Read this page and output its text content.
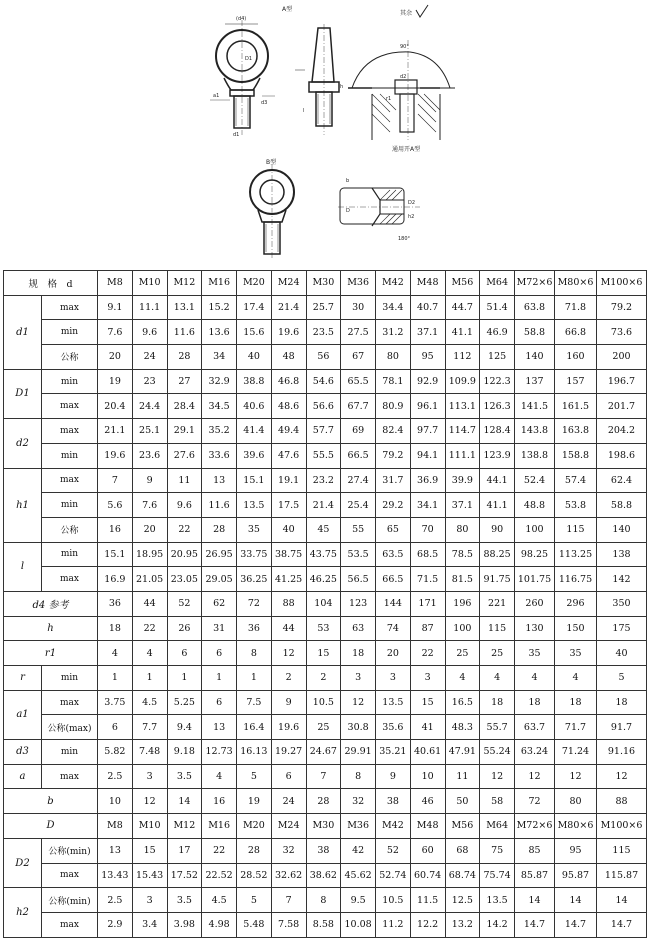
(d4)
A型
D1
d3
a1
d1
l
h
其余
90°
d2
r1
通用开A型
B型
D
b
D2
h2
180°
规　格　d		M8	M10	M12	M16	M20	M24	M30	M36	M42	M48	M56	M64	M72×6	M80×6	M100×6
d1	max	9.1	11.1	13.1	15.2	17.4	21.4	25.7	30	34.4	40.7	44.7	51.4	63.8	71.8	79.2
	min	7.6	9.6	11.6	13.6	15.6	19.6	23.5	27.5	31.2	37.1	41.1	46.9	58.8	66.8	73.6
	公称	20	24	28	34	40	48	56	67	80	95	112	125	140	160	200
D1	min	19	23	27	32.9	38.8	46.8	54.6	65.5	78.1	92.9	109.9	122.3	137	157	196.7
	max	20.4	24.4	28.4	34.5	40.6	48.6	56.6	67.7	80.9	96.1	113.1	126.3	141.5	161.5	201.7
d2	max	21.1	25.1	29.1	35.2	41.4	49.4	57.7	69	82.4	97.7	114.7	128.4	143.8	163.8	204.2
	min	19.6	23.6	27.6	33.6	39.6	47.6	55.5	66.5	79.2	94.1	111.1	123.9	138.8	158.8	198.6
h1	max	7	9	11	13	15.1	19.1	23.2	27.4	31.7	36.9	39.9	44.1	52.4	57.4	62.4
	min	5.6	7.6	9.6	11.6	13.5	17.5	21.4	25.4	29.2	34.1	37.1	41.1	48.8	53.8	58.8
	公称	16	20	22	28	35	40	45	55	65	70	80	90	100	115	140
l	min	15.1	18.95	20.95	26.95	33.75	38.75	43.75	53.5	63.5	68.5	78.5	88.25	98.25	113.25	138
	max	16.9	21.05	23.05	29.05	36.25	41.25	46.25	56.5	66.5	71.5	81.5	91.75	101.75	116.75	142
d4 参考		36	44	52	62	72	88	104	123	144	171	196	221	260	296	350
h		18	22	26	31	36	44	53	63	74	87	100	115	130	150	175
r1		4	4	6	6	8	12	15	18	20	22	25	25	35	35	40
r	min	1	1	1	1	1	2	2	3	3	3	4	4	4	4	5
a1	max	3.75	4.5	5.25	6	7.5	9	10.5	12	13.5	15	16.5	18	18	18	18
	公称(max)	6	7.7	9.4	13	16.4	19.6	25	30.8	35.6	41	48.3	55.7	63.7	71.7	91.7
d3	min	5.82	7.48	9.18	12.73	16.13	19.27	24.67	29.91	35.21	40.61	47.91	55.24	63.24	71.24	91.16
a	max	2.5	3	3.5	4	5	6	7	8	9	10	11	12	12	12	12
b		10	12	14	16	19	24	28	32	38	46	50	58	72	80	88
D		M8	M10	M12	M16	M20	M24	M30	M36	M42	M48	M56	M64	M72×6	M80×6	M100×6
D2	公称(min)	13	15	17	22	28	32	38	42	52	60	68	75	85	95	115
	max	13.43	15.43	17.52	22.52	28.52	32.62	38.62	45.62	52.74	60.74	68.74	75.74	85.87	95.87	115.87
h2	公称(min)	2.5	3	3.5	4.5	5	7	8	9.5	10.5	11.5	12.5	13.5	14	14	14
	max	2.9	3.4	3.98	4.98	5.48	7.58	8.58	10.08	11.2	12.2	13.2	14.2	14.7	14.7	14.7
